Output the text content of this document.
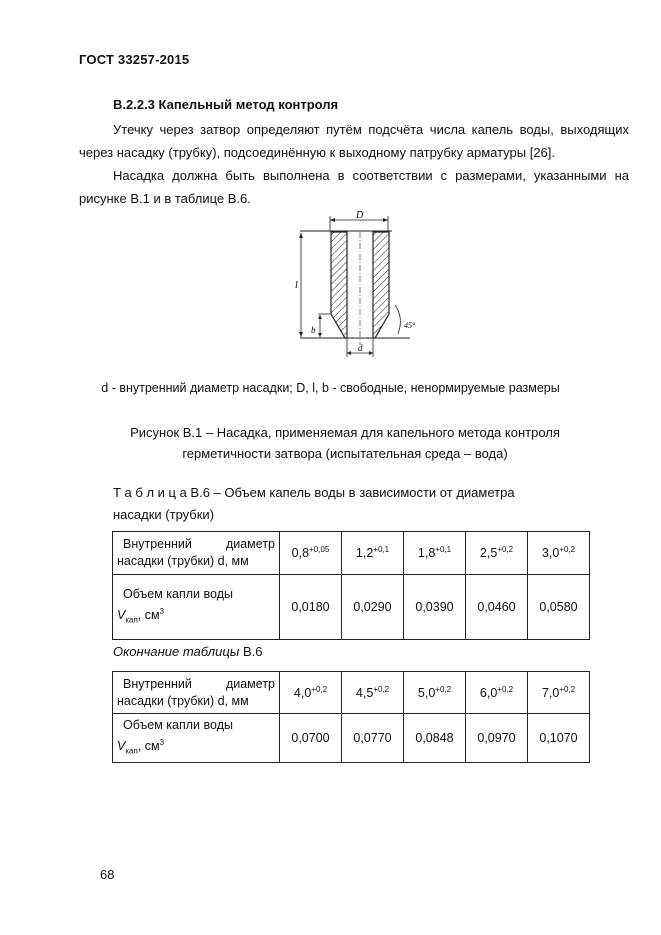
ГОСТ 33257-2015
В.2.2.3 Капельный метод контроля
Утечку через затвор определяют путём подсчёта числа капель воды, выходящих через насадку (трубку), подсоединённую к выходному патрубку арматуры [26].
Насадка должна быть выполнена в соответствии с размерами, указанными на рисунке В.1 и в таблице В.6.
D
l
b
d
45°
d - внутренний диаметр насадки; D, l, b - свободные, ненормируемые размеры
Рисунок В.1 – Насадка, применяемая для капельного метода контроля герметичности затвора (испытательная среда – вода)
Т а б л и ц а В.6 – Объем капель воды в зависимости от диаметра
насадки (трубки)
Внутренний диаметр
насадки (трубки) d, мм	$0,8^{+0,05}$	$1,2^{+0,1}$	$1,8^{+0,1}$	$2,5^{+0,2}$	$3,0^{+0,2}$

Объем капли воды
$V_{кап}$, $см^3$	0,0180	0,0290	0,0390	0,0460	0,0580
Окончание таблицы В.6
Внутренний диаметр
насадки (трубки) d, мм	$4,0^{+0,2}$	$4,5^{+0,2}$	$5,0^{+0,2}$	$6,0^{+0,2}$	$7,0^{+0,2}$

Объем капли воды
$V_{кап}$, $см^3$	0,0700	0,0770	0,0848	0,0970	0,1070
68
